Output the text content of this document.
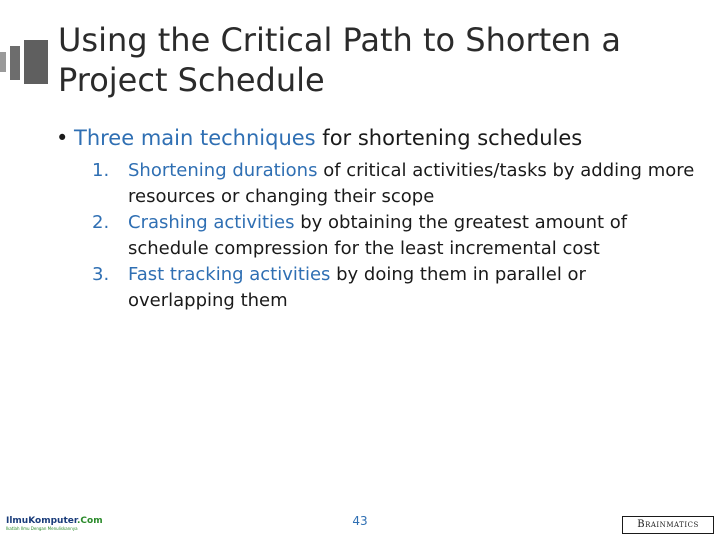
Using the Critical Path to Shorten a Project Schedule
• Three main techniques for shortening schedules
1.	Shortening durations of critical activities/tasks by adding more resources or changing their scope
2.	Crashing activities by obtaining the greatest amount of schedule compression for the least incremental cost
3.	Fast tracking activities by doing them in parallel or overlapping them
IlmuKomputer.Com
Ikatlah Ilmu Dengan Menuliskannya
43	BRAINMATICS
